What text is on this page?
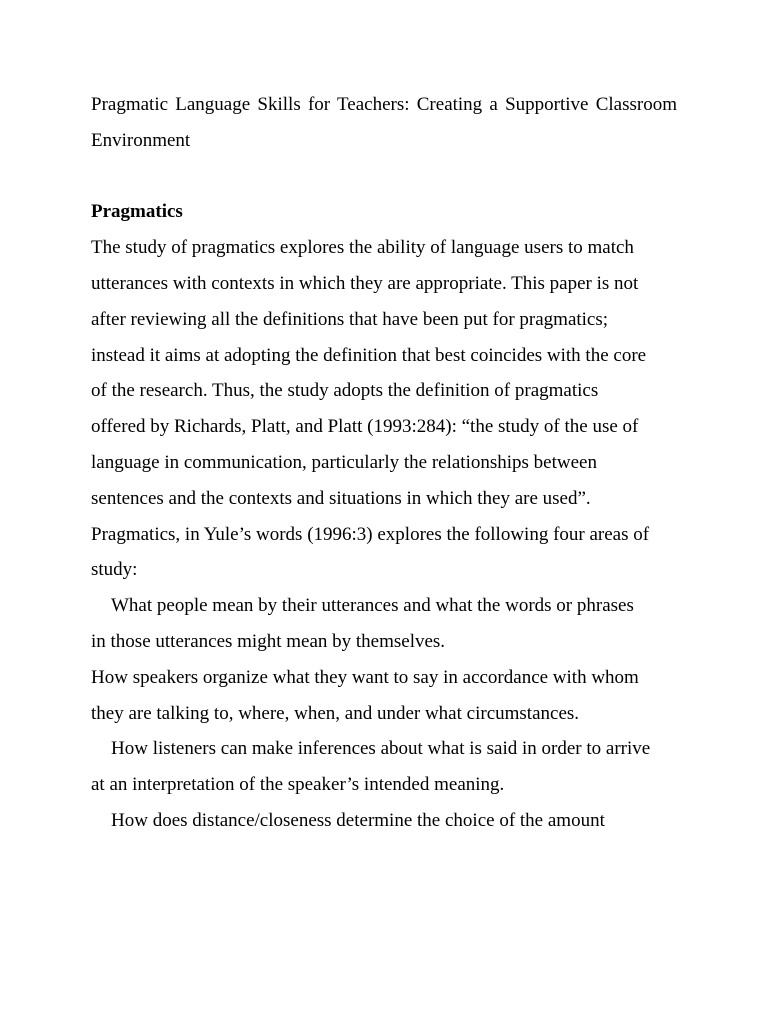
Pragmatic Language Skills for Teachers: Creating a Supportive Classroom Environment
Pragmatics

The study of pragmatics explores the ability of language users to match utterances with contexts in which they are appropriate. This paper is not after reviewing all the definitions that have been put for pragmatics; instead it aims at adopting the definition that best coincides with the core of the research. Thus, the study adopts the definition of pragmatics offered by Richards, Platt, and Platt (1993:284): “the study of the use of language in communication, particularly the relationships between sentences and the contexts and situations in which they are used”.

Pragmatics, in Yule’s words (1996:3) explores the following four areas of study:

What people mean by their utterances and what the words or phrases in those utterances might mean by themselves.

How speakers organize what they want to say in accordance with whom they are talking to, where, when, and under what circumstances.

How listeners can make inferences about what is said in order to arrive at an interpretation of the speaker’s intended meaning.

How does distance/closeness determine the choice of the amount
